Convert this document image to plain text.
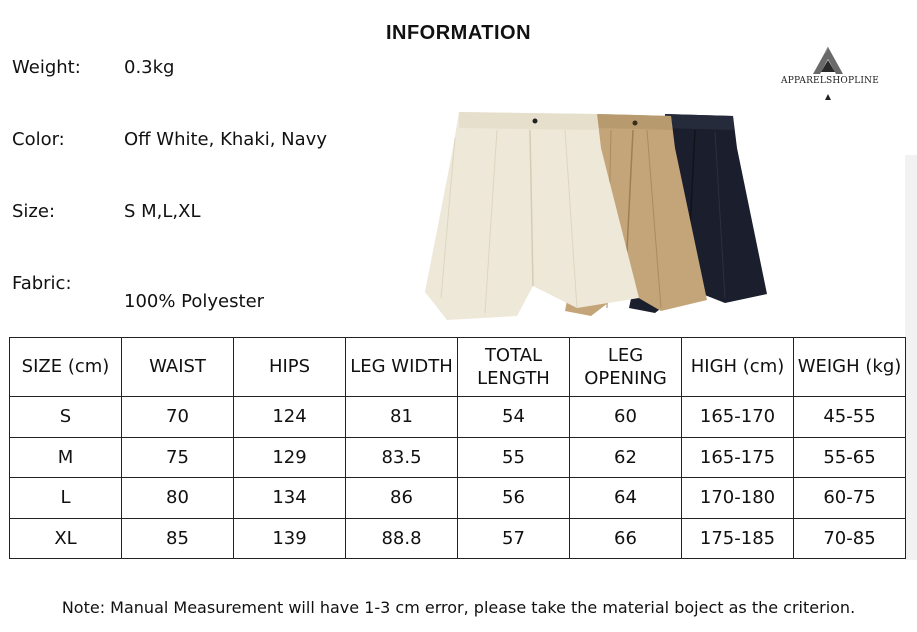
INFORMATION
Weight: 0.3kg
Color:	Off White, Khaki, Navy
Size:	S M,L,XL
Fabric:
100% Polyester
APPARELSHOPLINE
SIZE (cm)	WAIST	HIPS	LEG WIDTH	TOTAL LENGTH	LEG OPENING	HIGH (cm)	WEIGH (kg)
S	70	124	81	54	60	165-170	45-55
M	75	129	83.5	55	62	165-175	55-65
L	80	134	86	56	64	170-180	60-75
XL	85	139	88.8	57	66	175-185	70-85
Note: Manual Measurement will have 1-3 cm error, please take the material boject as the criterion.
